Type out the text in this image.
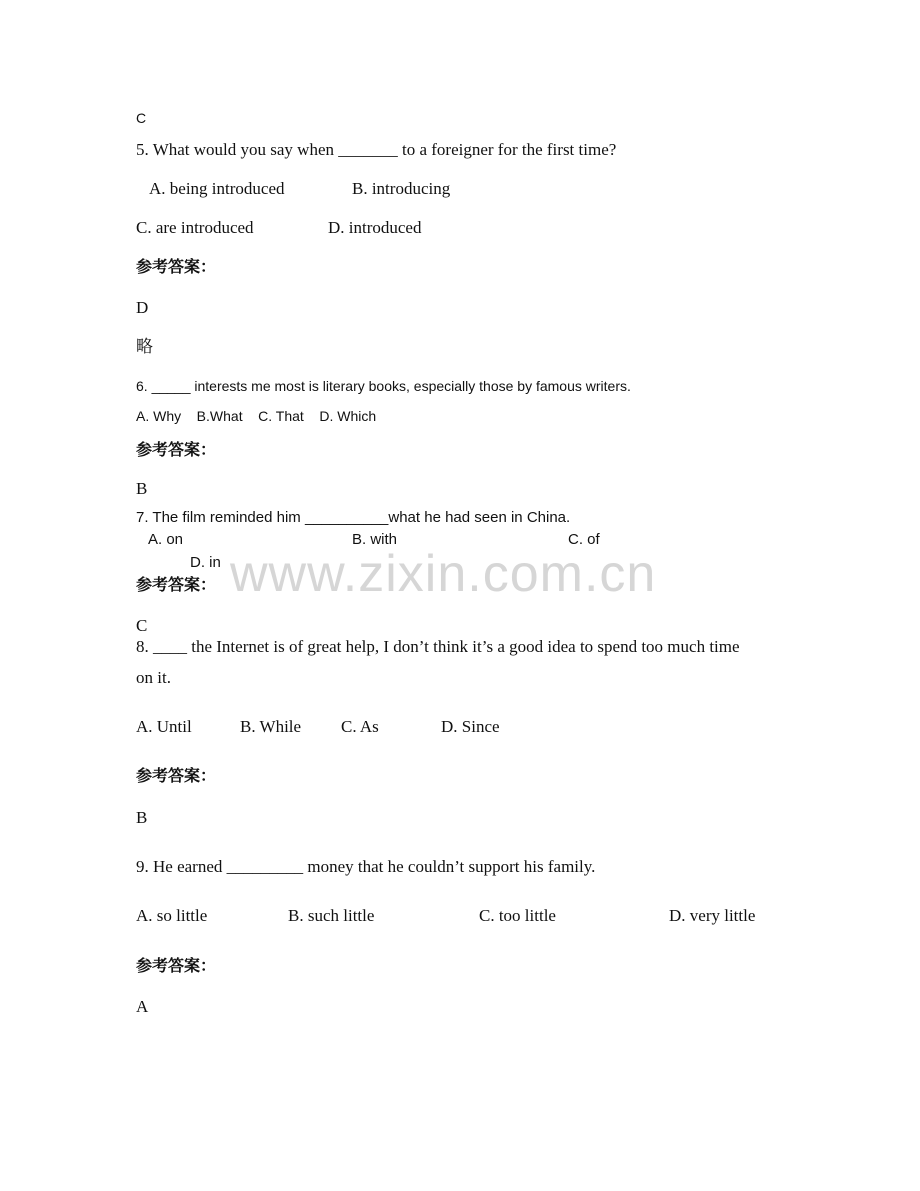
www.zixin.com.cn
C
5. What would you say when _______ to a foreigner for the first time?
A. being introduced	B. introducing
C. are introduced	D. introduced
参考答案：
D
略
6. _____ interests me most is literary books, especially those by famous writers.
A. Why    B.What    C. That    D. Which
参考答案：
B
7. The film reminded him __________what he had seen in China.
A. on	B. with	C. of
D. in
参考答案：
C
8. ____ the Internet is of great help, I don’t think it’s a good idea to spend too much time
on it.
A. Until	B. While C. As	D. Since
参考答案：
B
9. He earned _________ money that he couldn’t support his family.
A. so little	B. such little	C. too little	D. very little
参考答案：
A
